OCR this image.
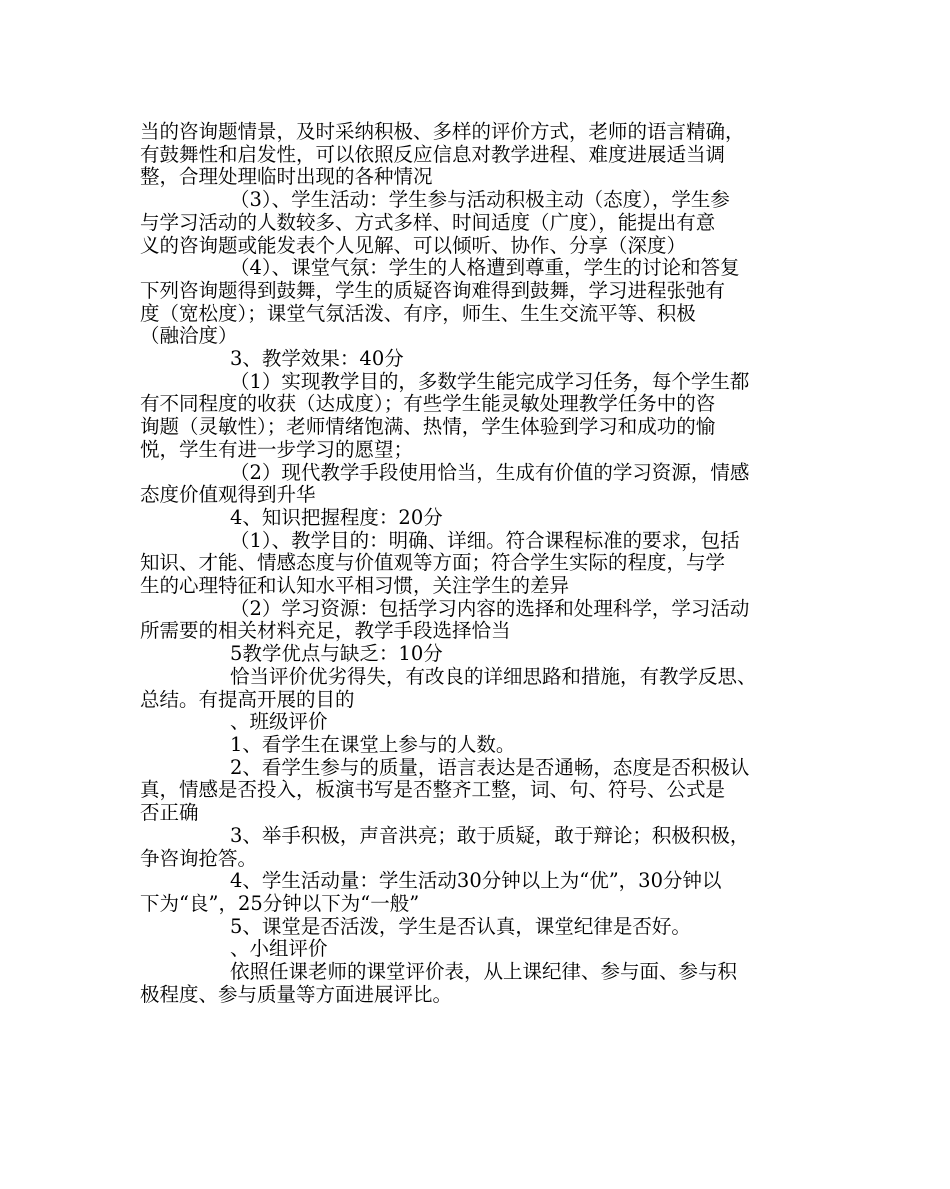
当的咨询题情景，及时采纳积极、多样的评价方式，老师的语言精确，
有鼓舞性和启发性，可以依照反应信息对教学进程、难度进展适当调
整，合理处理临时出现的各种情况
（3）、学生活动：学生参与活动积极主动（态度），学生参
与学习活动的人数较多、方式多样、时间适度（广度），能提出有意
义的咨询题或能发表个人见解、可以倾听、协作、分享（深度）
（4）、课堂气氛：学生的人格遭到尊重，学生的讨论和答复
下列咨询题得到鼓舞，学生的质疑咨询难得到鼓舞，学习进程张弛有
度（宽松度）；课堂气氛活泼、有序，师生、生生交流平等、积极
（融洽度）
3、教学效果：40分
（1）实现教学目的，多数学生能完成学习任务，每个学生都
有不同程度的收获（达成度）；有些学生能灵敏处理教学任务中的咨
询题（灵敏性）；老师情绪饱满、热情，学生体验到学习和成功的愉
悦，学生有进一步学习的愿望；
（2）现代教学手段使用恰当，生成有价值的学习资源，情感
态度价值观得到升华
4、知识把握程度：20分
（1）、教学目的：明确、详细。符合课程标准的要求，包括
知识、才能、情感态度与价值观等方面；符合学生实际的程度，与学
生的心理特征和认知水平相习惯，关注学生的差异
（2）学习资源：包括学习内容的选择和处理科学，学习活动
所需要的相关材料充足，教学手段选择恰当
5教学优点与缺乏：10分
恰当评价优劣得失，有改良的详细思路和措施，有教学反思、
总结。有提高开展的目的
、班级评价
1、看学生在课堂上参与的人数。
2、看学生参与的质量，语言表达是否通畅，态度是否积极认
真，情感是否投入，板演书写是否整齐工整，词、句、符号、公式是
否正确
3、举手积极，声音洪亮；敢于质疑，敢于辩论；积极积极，
争咨询抢答。
4、学生活动量：学生活动30分钟以上为“优”，30分钟以
下为“良”，25分钟以下为“一般”
5、课堂是否活泼，学生是否认真，课堂纪律是否好。
、小组评价
依照任课老师的课堂评价表，从上课纪律、参与面、参与积
极程度、参与质量等方面进展评比。
